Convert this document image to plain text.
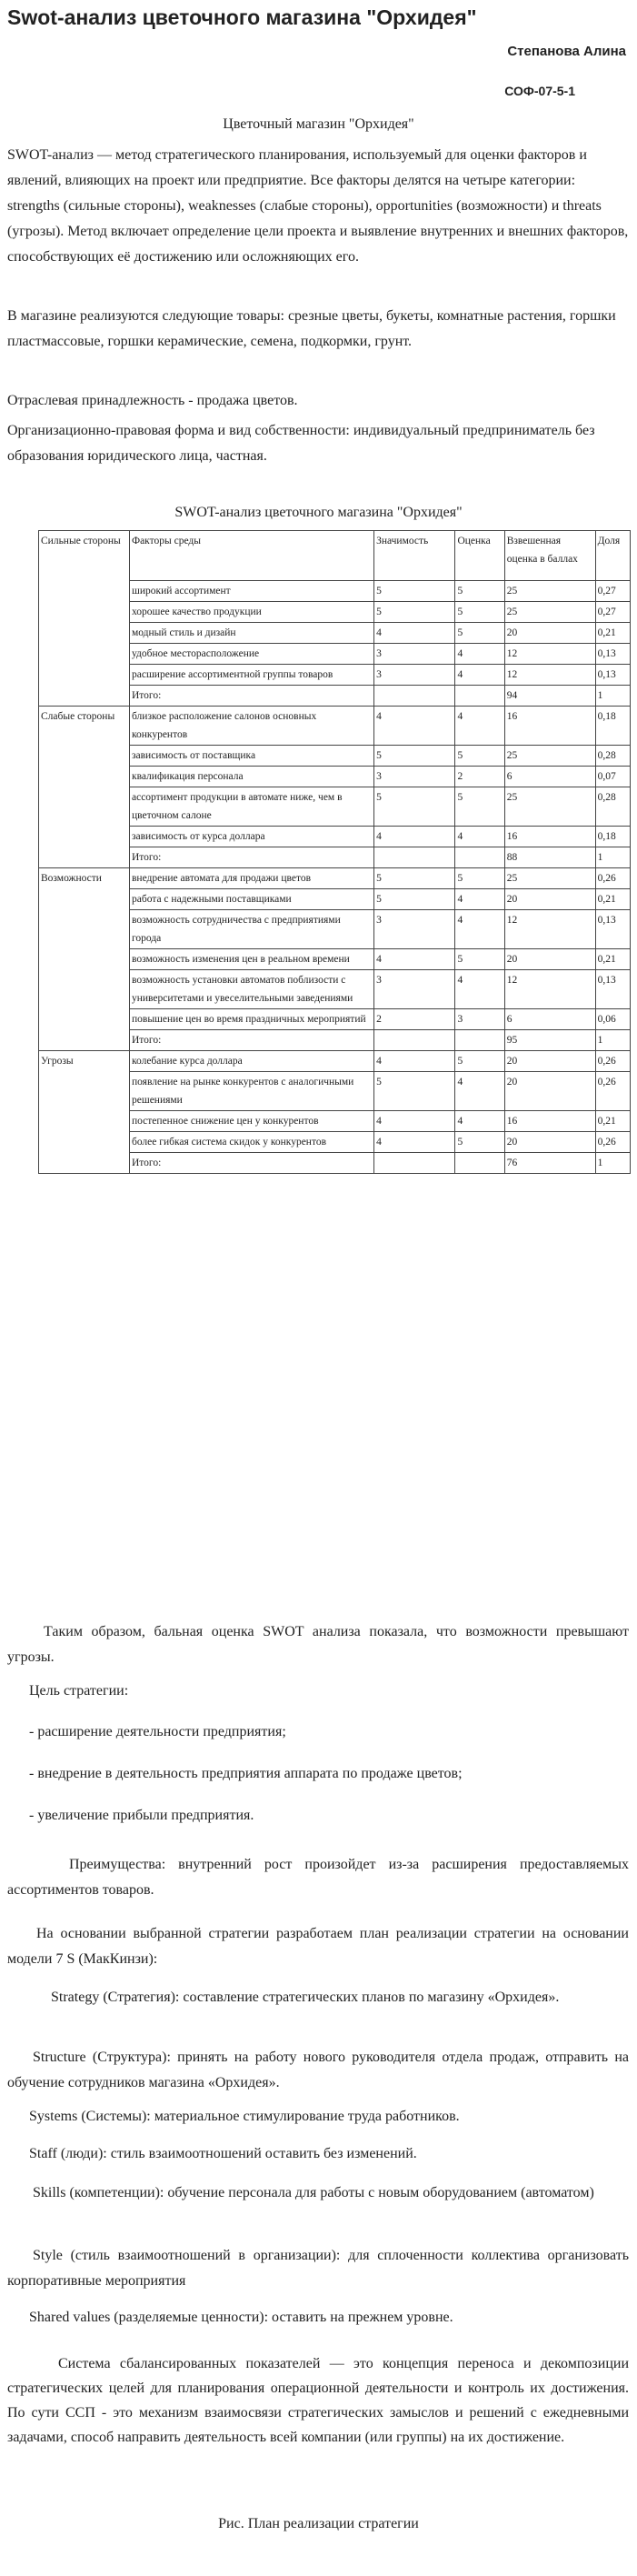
Swot-анализ цветочного магазина "Орхидея"
Степанова Алина
СОФ-07-5-1
Цветочный магазин "Орхидея"

SWOT-анализ — метод стратегического планирования, используемый для оценки факторов и явлений, влияющих на проект или предприятие. Все факторы делятся на четыре категории: strengths (сильные стороны), weaknesses (слабые стороны), opportunities (возможности) и threats (угрозы). Метод включает определение цели проекта и выявление внутренних и внешних факторов, способствующих её достижению или осложняющих его.

В магазине реализуются следующие товары: срезные цветы, букеты, комнатные растения, горшки пластмассовые, горшки керамические, семена, подкормки, грунт.

Отраслевая принадлежность - продажа цветов.

Организационно-правовая форма и вид собственности: индивидуальный предприниматель без образования юридического лица, частная.

SWOT-анализ цветочного магазина "Орхидея"
Сильные стороны	Факторы среды	Значимость	Оценка	Взвешенная оценка в баллах	Доля
	широкий ассортимент	5	5	25	0,27
	хорошее качество продукции	5	5	25	0,27
	модный стиль и дизайн	4	5	20	0,21
	удобное месторасположение	3	4	12	0,13
	расширение ассортиментной группы товаров	3	4	12	0,13
	Итого:			94	1
Слабые стороны	близкое расположение салонов основных конкурентов	4	4	16	0,18
	зависимость от поставщика	5	5	25	0,28
	квалификация персонала	3	2	6	0,07
	ассортимент продукции в автомате ниже, чем в цветочном салоне	5	5	25	0,28
	зависимость от курса доллара	4	4	16	0,18
	Итого:			88	1
Возможности	внедрение автомата для продажи цветов	5	5	25	0,26
	работа с надежными поставщиками	5	4	20	0,21
	возможность сотрудничества с предприятиями города	3	4	12	0,13
	возможность изменения цен в реальном времени	4	5	20	0,21
	возможность установки автоматов поблизости с университетами и увеселительными заведениями	3	4	12	0,13
	повышение цен во время праздничных мероприятий	2	3	6	0,06
	Итого:			95	1
Угрозы	колебание курса доллара	4	5	20	0,26
	появление на рынке конкурентов с аналогичными решениями	5	4	20	0,26
	постепенное снижение цен у конкурентов	4	4	16	0,21
	более гибкая система скидок у конкурентов	4	5	20	0,26
	Итого:			76	1

Таким образом, бальная оценка SWOT анализа показала, что возможности превышают угрозы.

Цель стратегии:

- расширение деятельности предприятия;

- внедрение в деятельность предприятия аппарата по продаже цветов;

- увеличение прибыли предприятия.

Преимущества: внутренний рост произойдет из-за расширения предоставляемых ассортиментов товаров.

На основании выбранной стратегии разработаем план реализации стратегии на основании модели 7 S (МакКинзи):

Strategy (Стратегия): составление стратегических планов по магазину «Орхидея».

Structure (Структура): принять на работу нового руководителя отдела продаж, отправить на обучение сотрудников магазина «Орхидея».

Systems (Системы): материальное стимулирование труда работников.

Staff (люди): стиль взаимоотношений оставить без изменений.

Skills (компетенции): обучение персонала для работы с новым оборудованием (автоматом)

Style (стиль взаимоотношений в организации): для сплоченности коллектива организовать корпоративные мероприятия

Shared values (разделяемые ценности): оставить на прежнем уровне.

Система сбалансированных показателей — это концепция переноса и декомпозиции стратегических целей для планирования операционной деятельности и контроль их достижения. По сути ССП - это механизм взаимосвязи стратегических замыслов и решений с ежедневными задачами, способ направить деятельность всей компании (или группы) на их достижение.

Рис. План реализации стратегии
